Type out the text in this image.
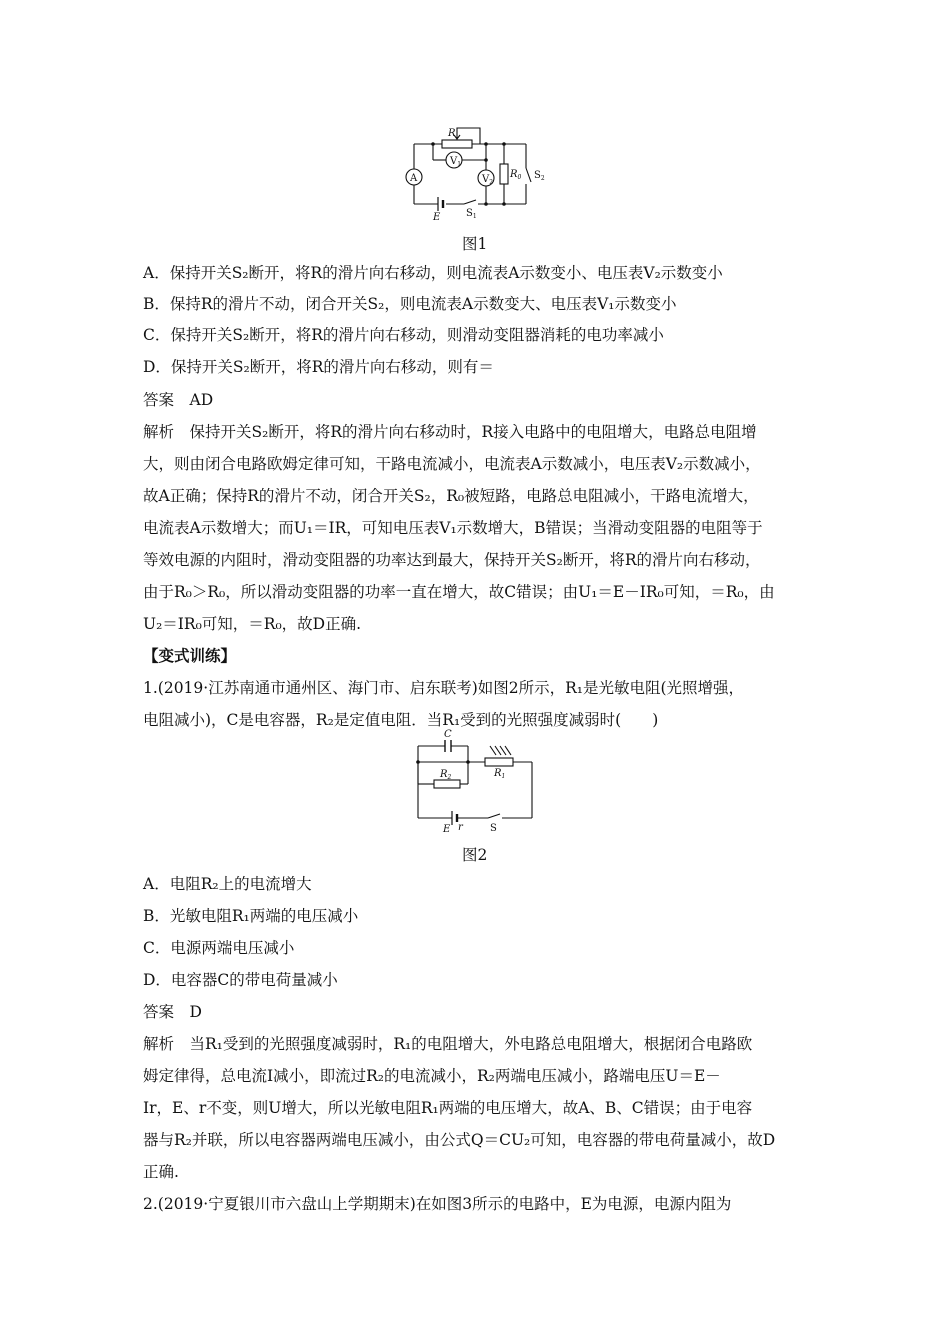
R
$V_1$
A	$V_2$
$R_0$ $S_2$
E	$S_1$
图1
A．保持开关S₂断开，将R的滑片向右移动，则电流表A示数变小、电压表V₂示数变小
B．保持R的滑片不动，闭合开关S₂，则电流表A示数变大、电压表V₁示数变小
C．保持开关S₂断开，将R的滑片向右移动，则滑动变阻器消耗的电功率减小
D．保持开关S₂断开，将R的滑片向右移动，则有＝
答案　AD
解析　保持开关S₂断开，将R的滑片向右移动时，R接入电路中的电阻增大，电路总电阻增
大，则由闭合电路欧姆定律可知，干路电流减小，电流表A示数减小，电压表V₂示数减小，
故A正确；保持R的滑片不动，闭合开关S₂，R₀被短路，电路总电阻减小，干路电流增大，
电流表A示数增大；而U₁＝IR，可知电压表V₁示数增大，B错误；当滑动变阻器的电阻等于
等效电源的内阻时，滑动变阻器的功率达到最大，保持开关S₂断开，将R的滑片向右移动，
由于R₀＞R₀，所以滑动变阻器的功率一直在增大，故C错误；由U₁＝E－IR₀可知，＝R₀，由
U₂＝IR₀可知，＝R₀，故D正确.
【变式训练】
1.(2019·江苏南通市通州区、海门市、启东联考)如图2所示，R₁是光敏电阻(光照增强，
电阻减小)，C是电容器，R₂是定值电阻．当R₁受到的光照强度减弱时(　　)
C
$R_2$	$R_1$
E r	S
图2
A．电阻R₂上的电流增大
B．光敏电阻R₁两端的电压减小
C．电源两端电压减小
D．电容器C的带电荷量减小
答案　D
解析　当R₁受到的光照强度减弱时，R₁的电阻增大，外电路总电阻增大，根据闭合电路欧
姆定律得，总电流I减小，即流过R₂的电流减小，R₂两端电压减小，路端电压U＝E－
Ir，E、r不变，则U增大，所以光敏电阻R₁两端的电压增大，故A、B、C错误；由于电容
器与R₂并联，所以电容器两端电压减小，由公式Q＝CU₂可知，电容器的带电荷量减小，故D
正确.
2.(2019·宁夏银川市六盘山上学期期末)在如图3所示的电路中，E为电源，电源内阻为
